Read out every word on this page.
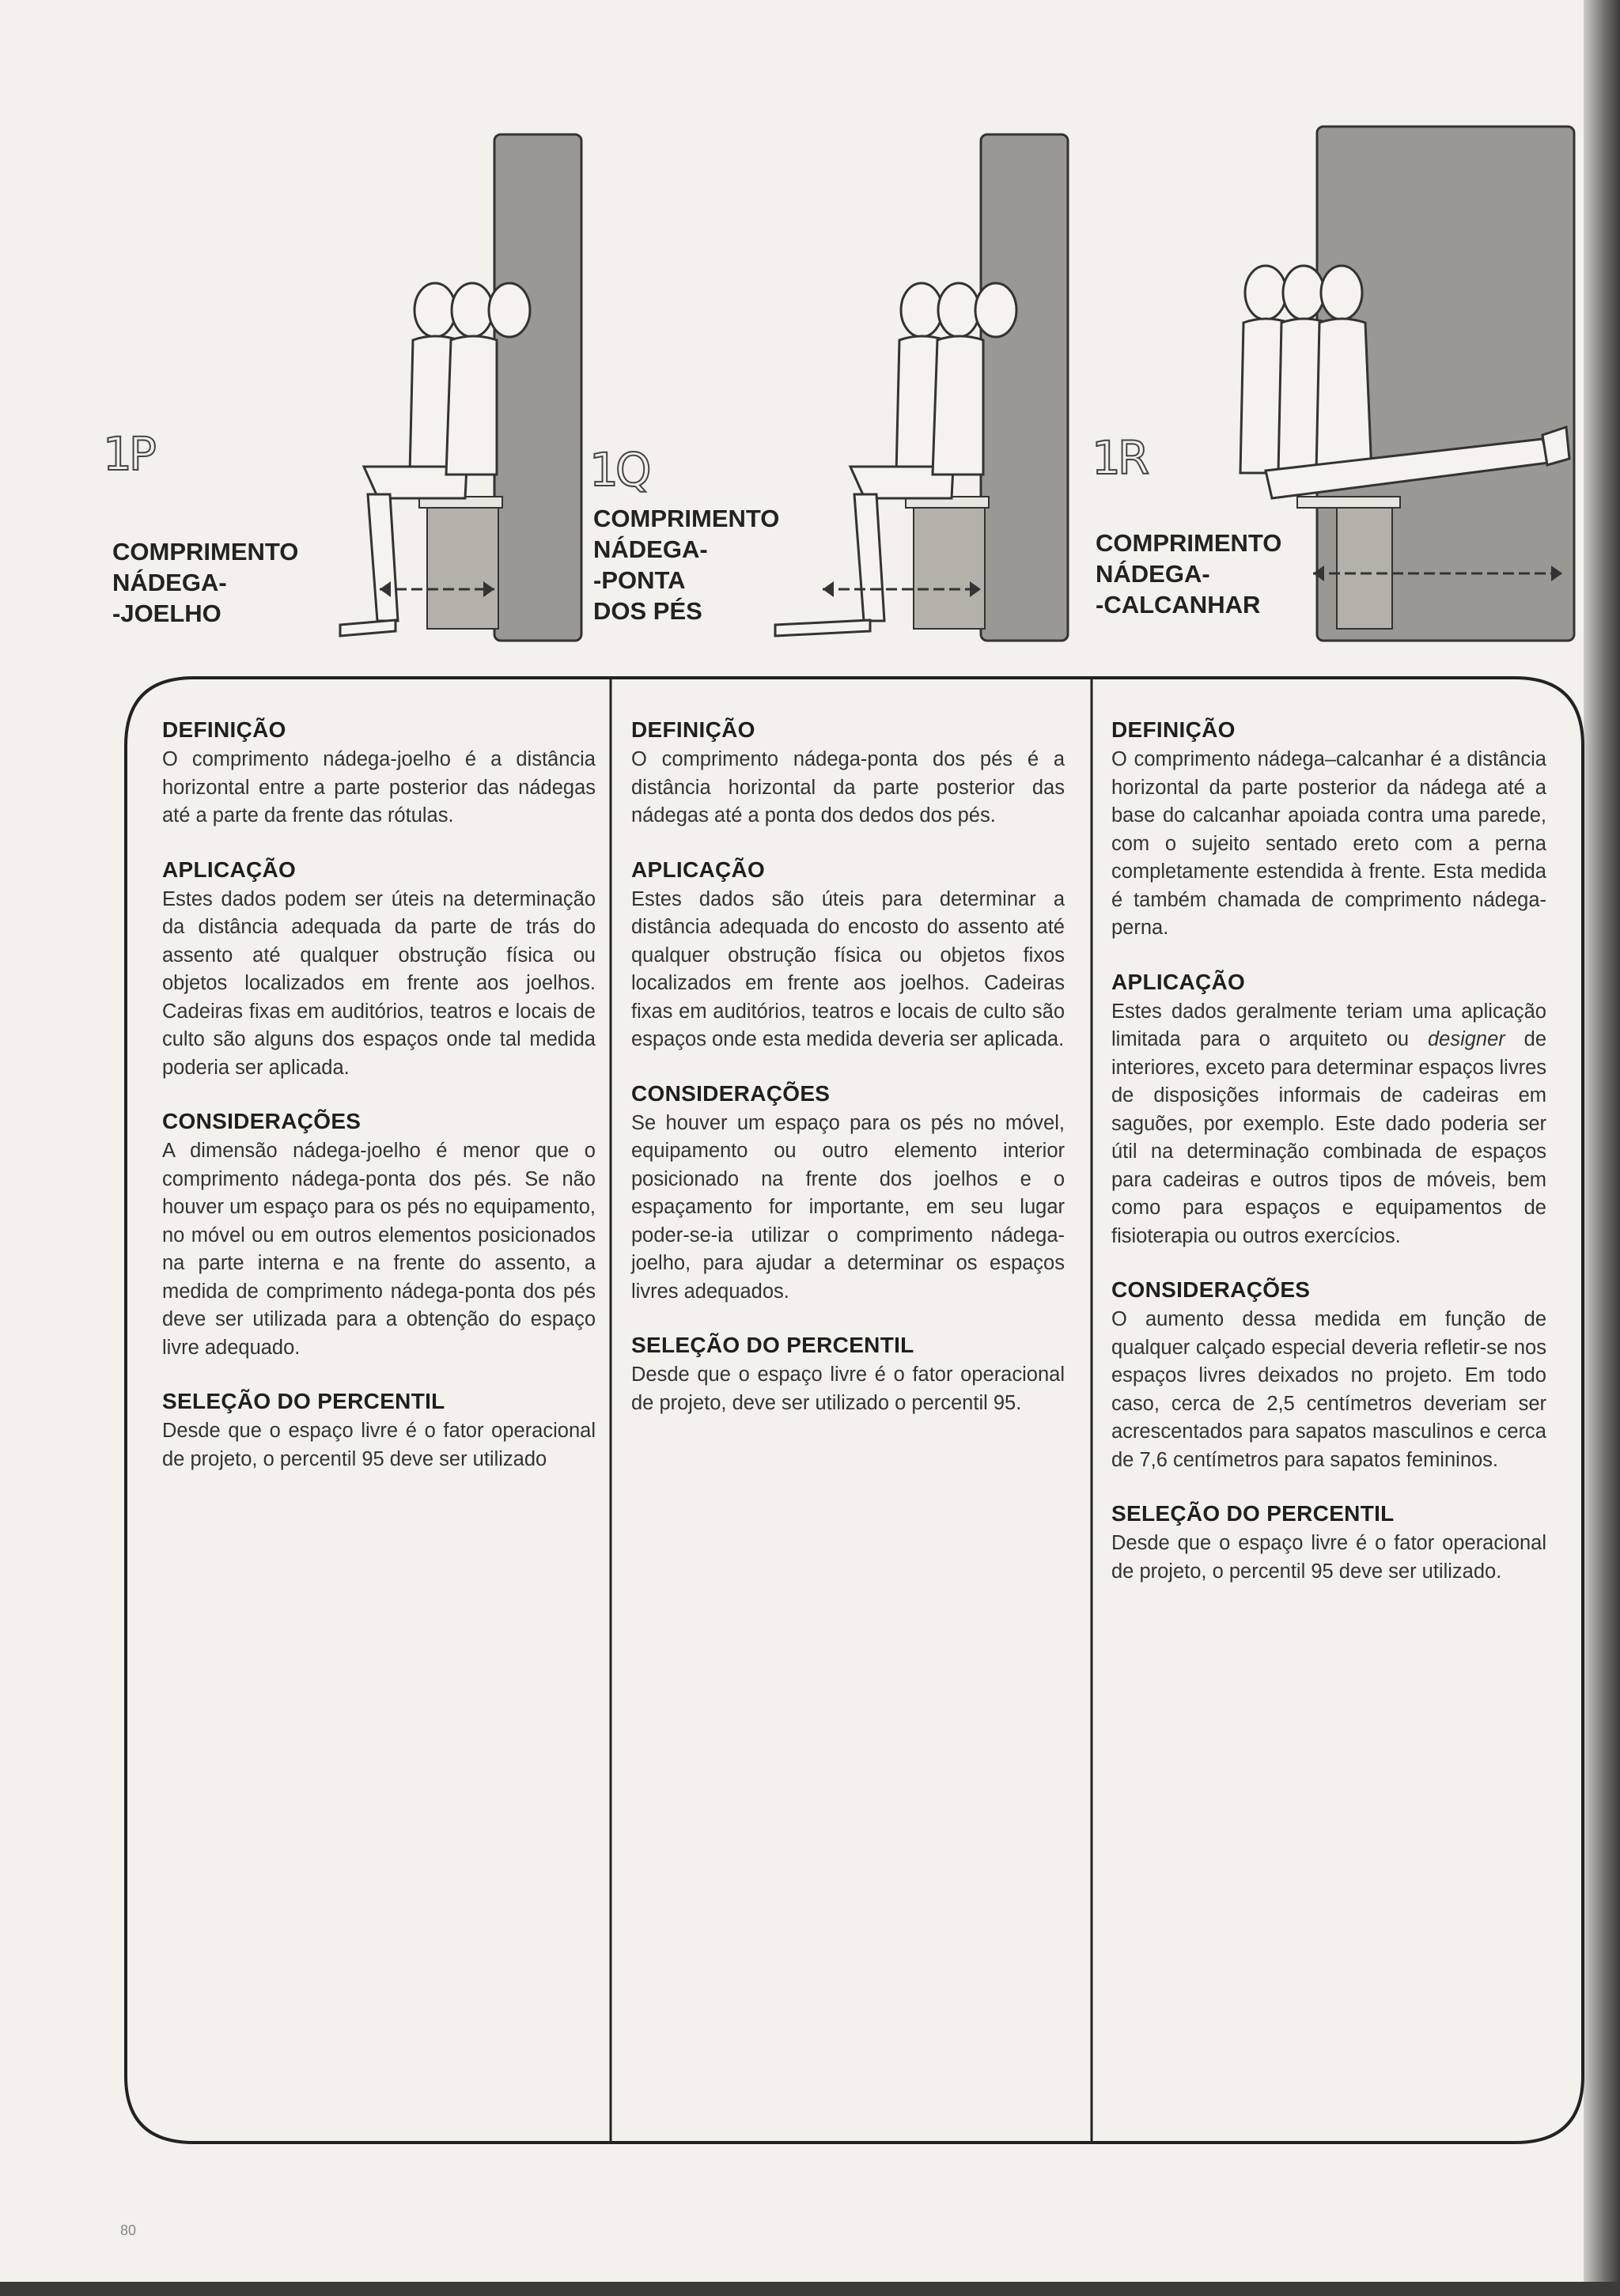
1P
COMPRIMENTO
NÁDEGA-
-JOELHO
1Q
COMPRIMENTO
NÁDEGA-
-PONTA
DOS PÉS
1R
COMPRIMENTO
NÁDEGA-
-CALCANHAR
DEFINIÇÃO

O comprimento nádega-joelho é a distância horizontal entre a parte posterior das nádegas até a parte da frente das rótulas.

APLICAÇÃO

Estes dados podem ser úteis na determinação da distância adequada da parte de trás do assento até qualquer obstrução física ou objetos localizados em frente aos joelhos. Cadeiras fixas em auditórios, teatros e locais de culto são alguns dos espaços onde tal medida poderia ser aplicada.

CONSIDERAÇÕES

A dimensão nádega-joelho é menor que o comprimento nádega-ponta dos pés. Se não houver um espaço para os pés no equipamento, no móvel ou em outros elementos posicionados na parte interna e na frente do assento, a medida de comprimento nádega-ponta dos pés deve ser utilizada para a obtenção do espaço livre adequado.

SELEÇÃO DO PERCENTIL

Desde que o espaço livre é o fator operacional de projeto, o percentil 95 deve ser utilizado

DEFINIÇÃO

O comprimento nádega-ponta dos pés é a distância horizontal da parte posterior das nádegas até a ponta dos dedos dos pés.

APLICAÇÃO

Estes dados são úteis para determinar a distância adequada do encosto do assento até qualquer obstrução física ou objetos fixos localizados em frente aos joelhos. Cadeiras fixas em auditórios, teatros e locais de culto são espaços onde esta medida deveria ser aplicada.

CONSIDERAÇÕES

Se houver um espaço para os pés no móvel, equipamento ou outro elemento interior posicionado na frente dos joelhos e o espaçamento for importante, em seu lugar poder-se-ia utilizar o comprimento nádega-joelho, para ajudar a determinar os espaços livres adequados.

SELEÇÃO DO PERCENTIL

Desde que o espaço livre é o fator operacional de projeto, deve ser utilizado o percentil 95.

DEFINIÇÃO

O comprimento nádega–calcanhar é a distância horizontal da parte posterior da nádega até a base do calcanhar apoiada contra uma parede, com o sujeito sentado ereto com a perna completamente estendida à frente. Esta medida é também chamada de comprimento nádega-perna.

APLICAÇÃO

Estes dados geralmente teriam uma aplicação limitada para o arquiteto ou designer de interiores, exceto para determinar espaços livres de disposições informais de cadeiras em saguões, por exemplo. Este dado poderia ser útil na determinação combinada de espaços para cadeiras e outros tipos de móveis, bem como para espaços e equipamentos de fisioterapia ou outros exercícios.

CONSIDERAÇÕES

O aumento dessa medida em função de qualquer calçado especial deveria refletir-se nos espaços livres deixados no projeto. Em todo caso, cerca de 2,5 centímetros deveriam ser acrescentados para sapatos masculinos e cerca de 7,6 centímetros para sapatos femininos.

SELEÇÃO DO PERCENTIL

Desde que o espaço livre é o fator operacional de projeto, o percentil 95 deve ser utilizado.

80
